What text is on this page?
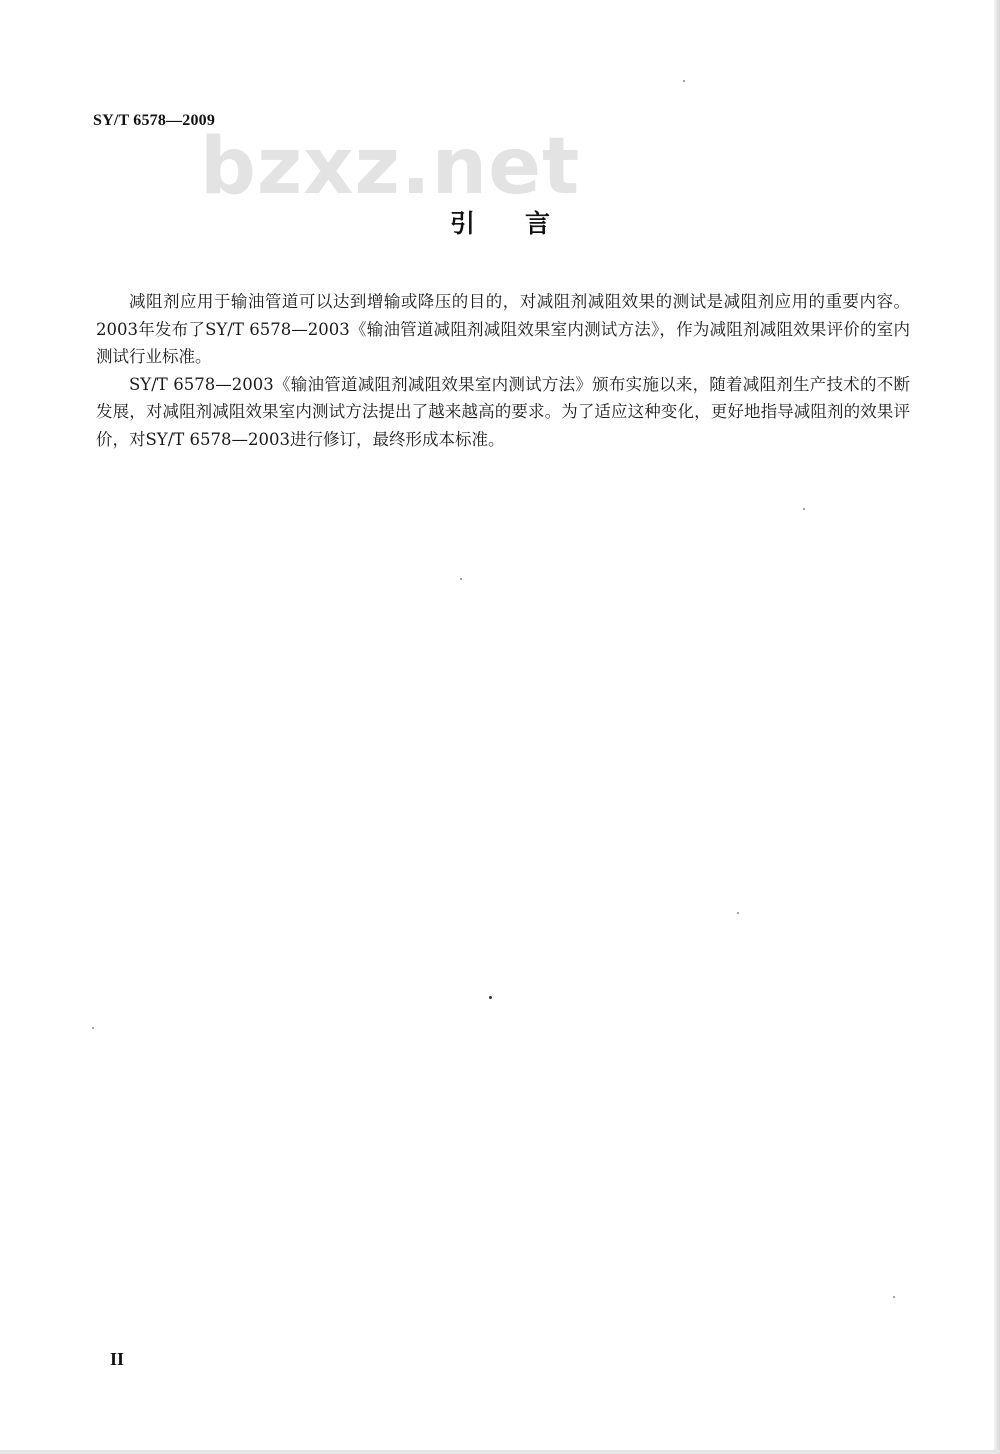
SY/T 6578—2009
bzxz.net
引言

减阻剂应用于输油管道可以达到增输或降压的目的，对减阻剂减阻效果的测试是减阻剂应用的重要内容。2003年发布了SY/T 6578—2003《输油管道减阻剂减阻效果室内测试方法》，作为减阻剂减阻效果评价的室内测试行业标准。

SY/T 6578—2003《输油管道减阻剂减阻效果室内测试方法》颁布实施以来，随着减阻剂生产技术的不断发展，对减阻剂减阻效果室内测试方法提出了越来越高的要求。为了适应这种变化，更好地指导减阻剂的效果评价，对SY/T 6578—2003进行修订，最终形成本标准。

II
